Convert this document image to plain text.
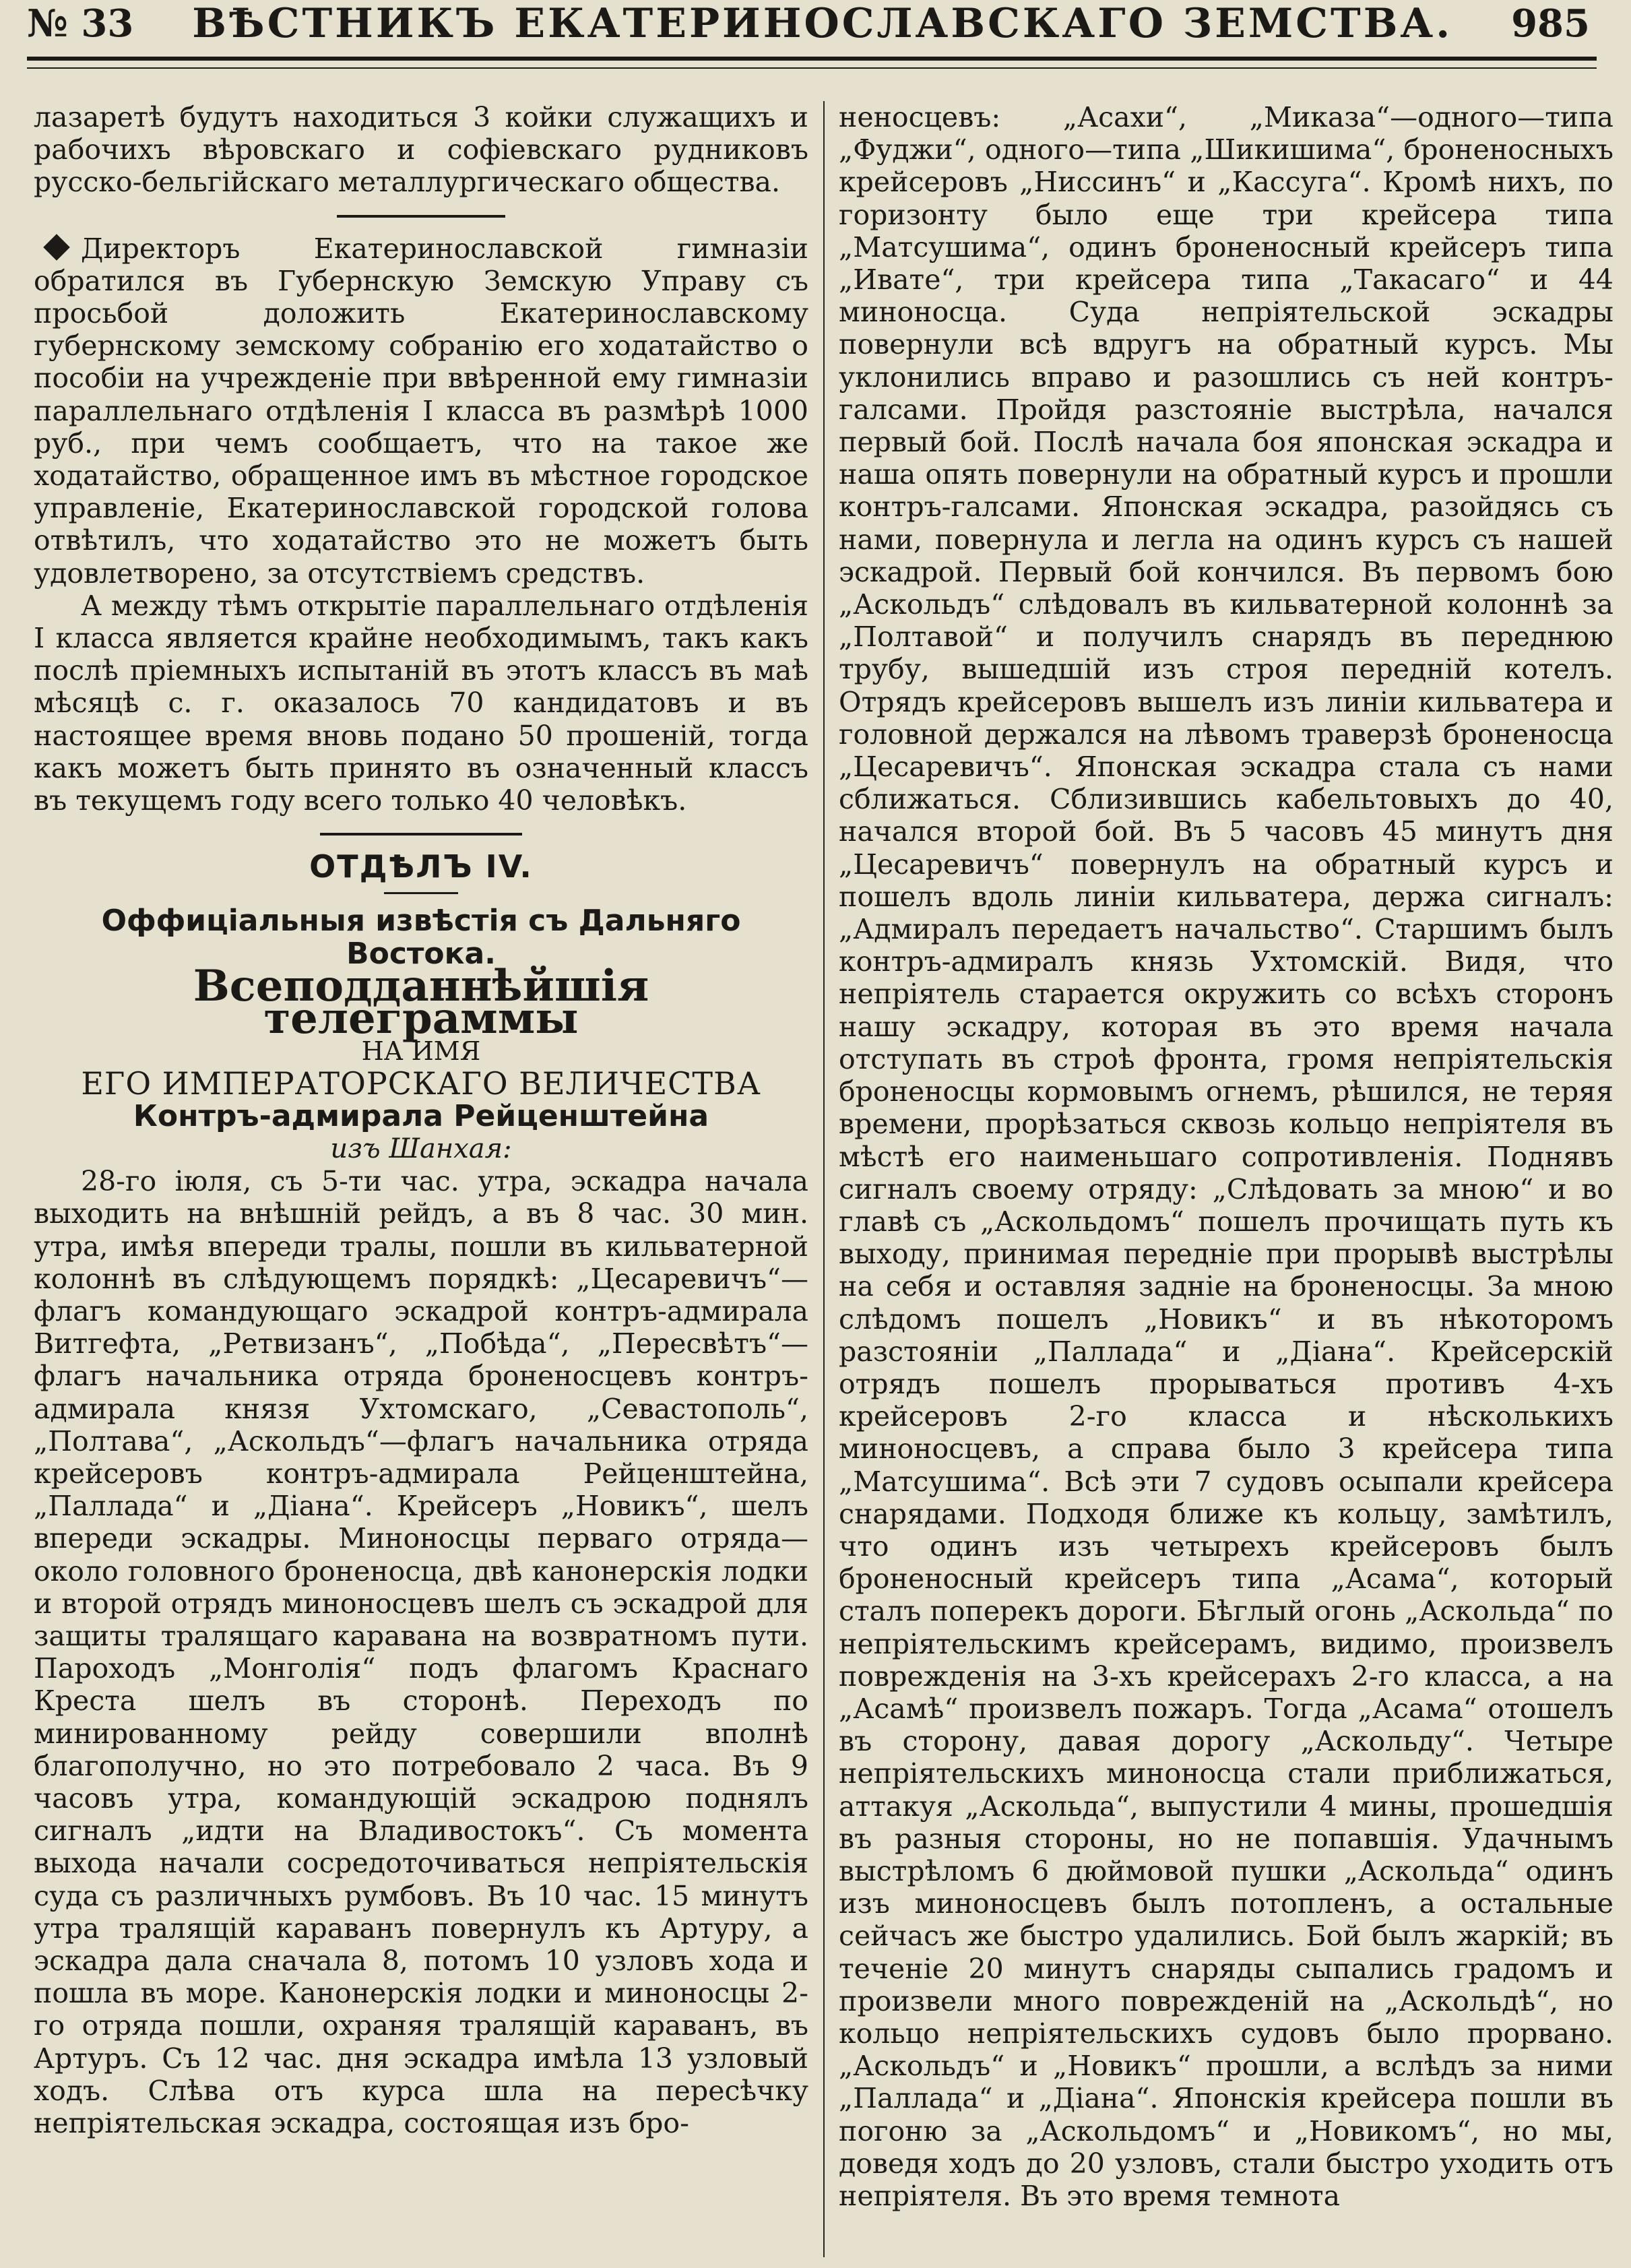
№ 33 ВѢСТНИКЪ ЕКАТЕРИНОСЛАВСКАГО ЗЕМСТВА. 985

лазаретѣ будутъ находиться 3 койки служащихъ и рабочихъ вѣровскаго и софіевскаго рудниковъ русско-бельгійскаго металлургическаго общества.

Директоръ Екатеринославской гимназіи обратился въ Губернскую Земскую Управу съ просьбой доложить Екатеринославскому губернскому земскому собранію его ходатайство о пособіи на учрежденіе при ввѣренной ему гимназіи параллельнаго отдѣленія I класса въ размѣрѣ 1000 руб., при чемъ сообщаетъ, что на такое же ходатайство, обращенное имъ въ мѣстное городское управленіе, Екатеринославской городской голова отвѣтилъ, что ходатайство это не можетъ быть удовлетворено, за отсутствіемъ средствъ.

А между тѣмъ открытіе параллельнаго отдѣленія I класса является крайне необходимымъ, такъ какъ послѣ пріемныхъ испытаній въ этотъ классъ въ маѣ мѣсяцѣ с. г. оказалось 70 кандидатовъ и въ настоящее время вновь подано 50 прошеній, тогда какъ можетъ быть принято въ означенный классъ въ текущемъ году всего только 40 человѣкъ.

ОТДѢЛЪ IV.

Оффиціальныя извѣстія съ Дальняго Востока.

Всеподданнѣйшія телеграммы

НА ИМЯ

ЕГО ИМПЕРАТОРСКАГО ВЕЛИЧЕСТВА

Контръ-адмирала Рейценштейна

изъ Шанхая:

28-го іюля, съ 5-ти час. утра, эскадра начала выходить на внѣшній рейдъ, а въ 8 час. 30 мин. утра, имѣя впереди тралы, пошли въ кильватерной колоннѣ въ слѣдующемъ порядкѣ: „Цесаревичъ“—флагъ командующаго эскадрой контръ-адмирала Витгефта, „Ретвизанъ“, „Побѣда“, „Пересвѣтъ“—флагъ начальника отряда броненосцевъ контръ-адмирала князя Ухтомскаго, „Севастополь“, „Полтава“, „Аскольдъ“—флагъ начальника отряда крейсеровъ контръ-адмирала Рейценштейна, „Паллада“ и „Діана“. Крейсеръ „Новикъ“, шелъ впереди эскадры. Миноносцы перваго отряда— около головного броненосца, двѣ канонерскія лодки и второй отрядъ миноносцевъ шелъ съ эскадрой для защиты тралящаго каравана на возвратномъ пути. Пароходъ „Монголія“ подъ флагомъ Краснаго Креста шелъ въ сторонѣ. Переходъ по минированному рейду совершили вполнѣ благополучно, но это потребовало 2 часа. Въ 9 часовъ утра, командующій эскадрою поднялъ сигналъ „идти на Владивостокъ“. Съ момента выхода начали сосредоточиваться непріятельскія суда съ различныхъ румбовъ. Въ 10 час. 15 минутъ утра тралящій караванъ повернулъ къ Артуру, а эскадра дала сначала 8, потомъ 10 узловъ хода и пошла въ море. Канонерскія лодки и миноносцы 2-го отряда пошли, охраняя тралящій караванъ, въ Артуръ. Съ 12 час. дня эскадра имѣла 13 узловый ходъ. Слѣва отъ курса шла на пересѣчку непріятельская эскадра, состоящая изъ бро-

неносцевъ: „Асахи“, „Миказа“—одного—типа „Фуджи“, одного—типа „Шикишима“, броненосныхъ крейсеровъ „Ниссинъ“ и „Кассуга“. Кромѣ нихъ, по горизонту было еще три крейсера типа „Матсушима“, одинъ броненосный крейсеръ типа „Ивате“, три крейсера типа „Такасаго“ и 44 миноносца. Суда непріятельской эскадры повернули всѣ вдругъ на обратный курсъ. Мы уклонились вправо и разошлись съ ней контръ-галсами. Пройдя разстояніе выстрѣла, начался первый бой. Послѣ начала боя японская эскадра и наша опять повернули на обратный курсъ и прошли контръ-галсами. Японская эскадра, разойдясь съ нами, повернула и легла на одинъ курсъ съ нашей эскадрой. Первый бой кончился. Въ первомъ бою „Аскольдъ“ слѣдовалъ въ кильватерной колоннѣ за „Полтавой“ и получилъ снарядъ въ переднюю трубу, вышедшій изъ строя передній котелъ. Отрядъ крейсеровъ вышелъ изъ линіи кильватера и головной держался на лѣвомъ траверзѣ броненосца „Цесаревичъ“. Японская эскадра стала съ нами сближаться. Сблизившись кабельтовыхъ до 40, начался второй бой. Въ 5 часовъ 45 минутъ дня „Цесаревичъ“ повернулъ на обратный курсъ и пошелъ вдоль линіи кильватера, держа сигналъ: „Адмиралъ передаетъ начальство“. Старшимъ былъ контръ-адмиралъ князь Ухтомскій. Видя, что непріятель старается окружить со всѣхъ сторонъ нашу эскадру, которая въ это время начала отступать въ строѣ фронта, громя непріятельскія броненосцы кормовымъ огнемъ, рѣшился, не теряя времени, прорѣзаться сквозь кольцо непріятеля въ мѣстѣ его наименьшаго сопротивленія. Поднявъ сигналъ своему отряду: „Слѣдовать за мною“ и во главѣ съ „Аскольдомъ“ пошелъ прочищать путь къ выходу, принимая переднiе при прорывѣ выстрѣлы на себя и оставляя заднiе на броненосцы. За мною слѣдомъ пошелъ „Новикъ“ и въ нѣкоторомъ разстояніи „Паллада“ и „Діана“. Крейсерскій отрядъ пошелъ прорываться противъ 4-хъ крейсеровъ 2-го класса и нѣсколькихъ миноносцевъ, а справа было 3 крейсера типа „Матсушима“. Всѣ эти 7 судовъ осыпали крейсера снарядами. Подходя ближе къ кольцу, замѣтилъ, что одинъ изъ четырехъ крейсеровъ былъ броненосный крейсеръ типа „Асама“, который сталъ поперекъ дороги. Бѣглый огонь „Аскольда“ по непріятельскимъ крейсерамъ, видимо, произвелъ поврежденія на 3-хъ крейсерахъ 2-го класса, а на „Асамѣ“ произвелъ пожаръ. Тогда „Асама“ отошелъ въ сторону, давая дорогу „Аскольду“. Четыре непріятельскихъ миноносца стали приближаться, аттакуя „Аскольда“, выпустили 4 мины, прошедшія въ разныя стороны, но не попавшія. Удачнымъ выстрѣломъ 6 дюймовой пушки „Аскольда“ одинъ изъ миноносцевъ былъ потопленъ, а остальные сейчасъ же быстро удалились. Бой былъ жаркій; въ теченіе 20 минутъ снаряды сыпались градомъ и произвели много поврежденій на „Аскольдѣ“, но кольцо непріятельскихъ судовъ было прорвано. „Аскольдъ“ и „Новикъ“ прошли, а вслѣдъ за ними „Паллада“ и „Діана“. Японскія крейсера пошли въ погоню за „Аскольдомъ“ и „Новикомъ“, но мы, доведя ходъ до 20 узловъ, стали быстро уходить отъ непріятеля. Въ это время темнота
